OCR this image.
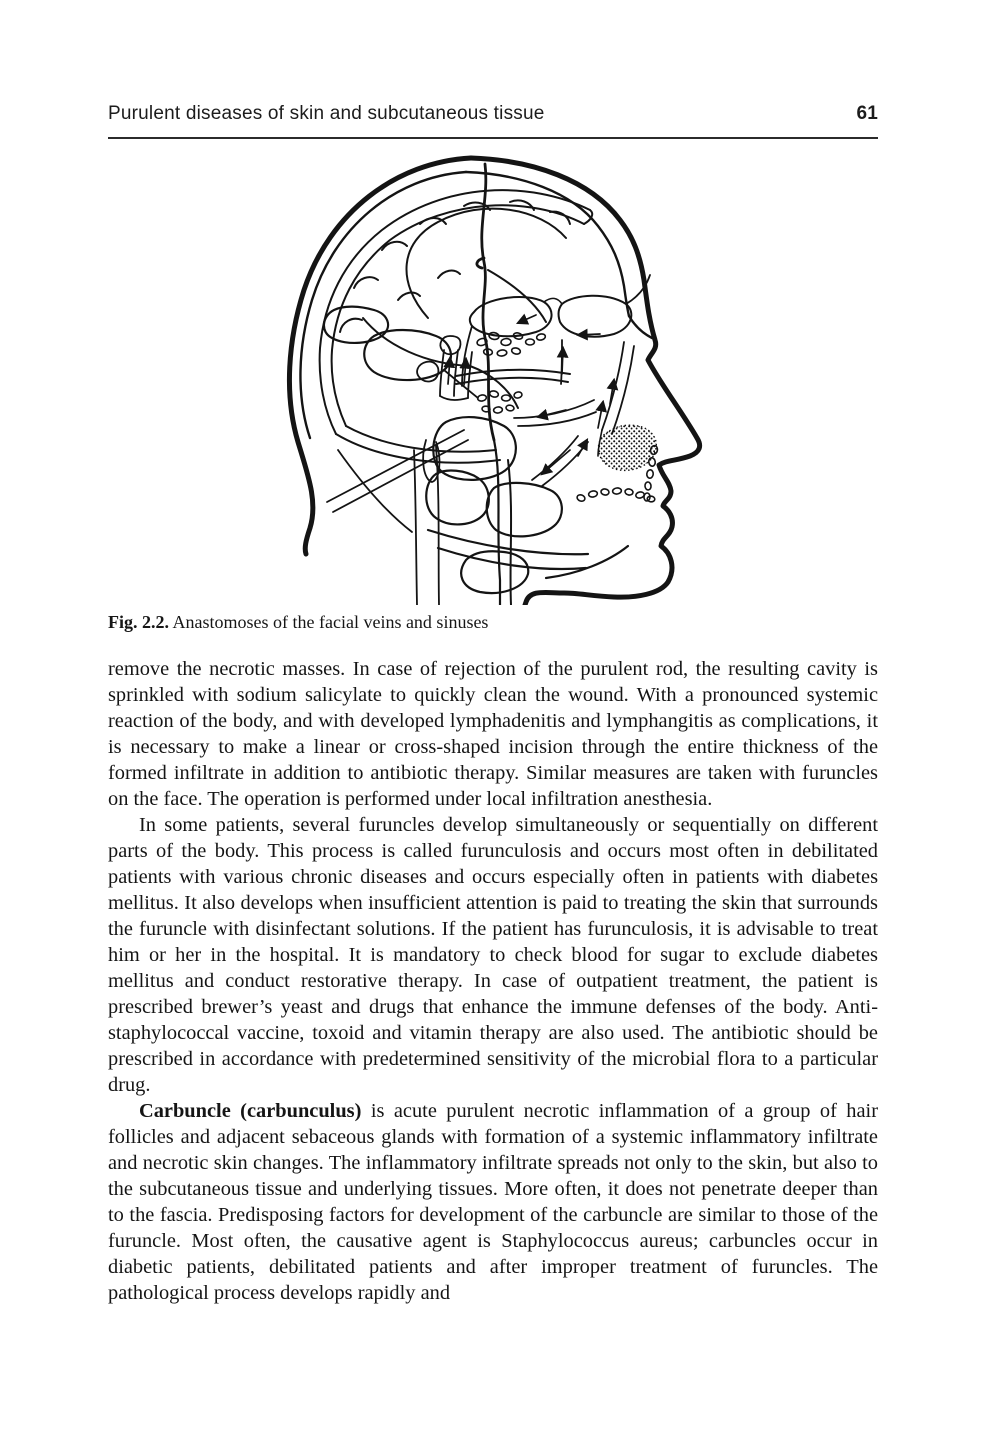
Purulent diseases of skin and subcutaneous tissue	61
Fig. 2.2. Anastomoses of the facial veins and sinuses

remove the necrotic masses. In case of rejection of the purulent rod, the resulting cavity is sprinkled with sodium salicylate to quickly clean the wound. With a pronounced systemic reaction of the body, and with developed lymphadenitis and lymphangitis as complications, it is necessary to make a linear or cross-shaped incision through the entire thickness of the formed infiltrate in addition to antibiotic therapy. Similar measures are taken with furuncles on the face. The operation is performed under local infiltration anesthesia.

In some patients, several furuncles develop simultaneously or sequentially on different parts of the body. This process is called furunculosis and occurs most often in debilitated patients with various chronic diseases and occurs especially often in patients with diabetes mellitus. It also develops when insufficient attention is paid to treating the skin that surrounds the furuncle with disinfectant solutions. If the patient has furunculosis, it is advisable to treat him or her in the hospital. It is mandatory to check blood for sugar to exclude diabetes mellitus and conduct restorative therapy. In case of outpatient treatment, the patient is prescribed brewer’s yeast and drugs that enhance the immune defenses of the body. Anti-staphylococcal vaccine, toxoid and vitamin therapy are also used. The antibiotic should be prescribed in accordance with predetermined sensitivity of the microbial flora to a particular drug.

Carbuncle (carbunculus) is acute purulent necrotic inflammation of a group of hair follicles and adjacent sebaceous glands with formation of a systemic inflammatory infiltrate and necrotic skin changes. The inflammatory infiltrate spreads not only to the skin, but also to the subcutaneous tissue and underlying tissues. More often, it does not penetrate deeper than to the fascia. Predisposing factors for development of the carbuncle are similar to those of the furuncle. Most often, the causative agent is Staphylococcus aureus; carbuncles occur in diabetic patients, debilitated patients and after improper treatment of furuncles. The pathological process develops rapidly and
